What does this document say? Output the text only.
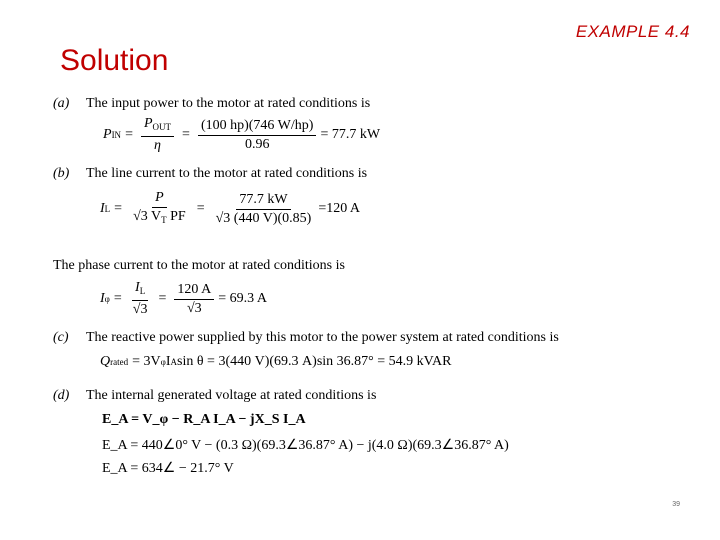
EXAMPLE 4.4
Solution
(a) The input power to the motor at rated conditions is
P IN = $\frac{P_{OUT}}{\eta} = \frac{(100 hp)(746 W/hp)}{0.96} = 77.7$ kW
(b) The line current to the motor at rated conditions is
I $L = \frac{P}{√3 V_T PF} = \frac{77.7 kW}{√3 (440 V)(0.85)} =120$ A
The phase current to the motor at rated conditions is
I $\varphi = \frac{I_L}{√3} = \frac{120 A}{√3} = 69.3$ A
(c) The reactive power supplied by this motor to the power system at rated conditions is
Q rated = 3V φ I A sin θ = 3(440 V)(69.3 A)sin 36.87° = 54.9 kVAR
(d) The internal generated voltage at rated conditions is
E_A = V_φ − R_A I_A − jX_S I_A
E_A = 440∠0° V − (0.3 Ω)(69.3∠36.87° A) − j(4.0 Ω)(69.3∠36.87° A)
E_A = 634∠ − 21.7° V
39
